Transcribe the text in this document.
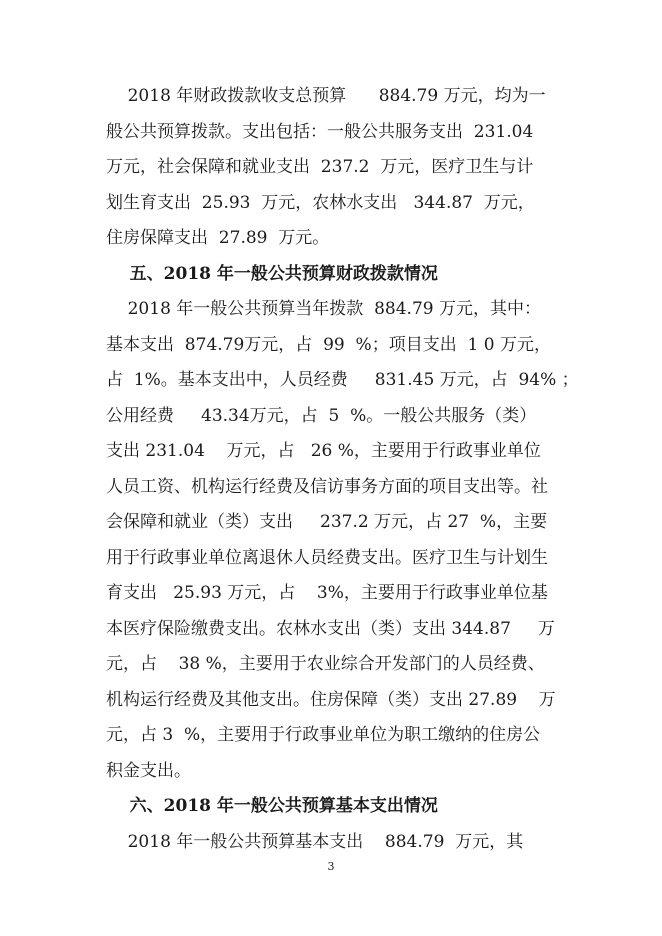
2018 年财政拨款收支总预算      884.79 万元，均为一
般公共预算拨款。支出包括：一般公共服务支出  231.04
万元，社会保障和就业支出  237.2  万元，医疗卫生与计
划生育支出  25.93  万元，农林水支出   344.87  万元，
住房保障支出  27.89  万元。
五、2018 年一般公共预算财政拨款情况
2018 年一般公共预算当年拨款  884.79 万元，其中：
基本支出  874.79万元，占  99  %；项目支出  1 0 万元，
占  1%。基本支出中，人员经费     831.45 万元，占  94% ；
公用经费     43.34万元，占  5  %。一般公共服务（类）
支出 231.04    万元，占   26 %，主要用于行政事业单位
人员工资、机构运行经费及信访事务方面的项目支出等。社
会保障和就业（类）支出     237.2 万元，占 27  %，主要
用于行政事业单位离退休人员经费支出。医疗卫生与计划生
育支出   25.93 万元，占    3%，主要用于行政事业单位基
本医疗保险缴费支出。农林水支出（类）支出 344.87     万
元，占    38 %，主要用于农业综合开发部门的人员经费、
机构运行经费及其他支出。住房保障（类）支出 27.89    万
元，占 3  %，主要用于行政事业单位为职工缴纳的住房公
积金支出。
六、2018 年一般公共预算基本支出情况
2018 年一般公共预算基本支出    884.79  万元，其
3
